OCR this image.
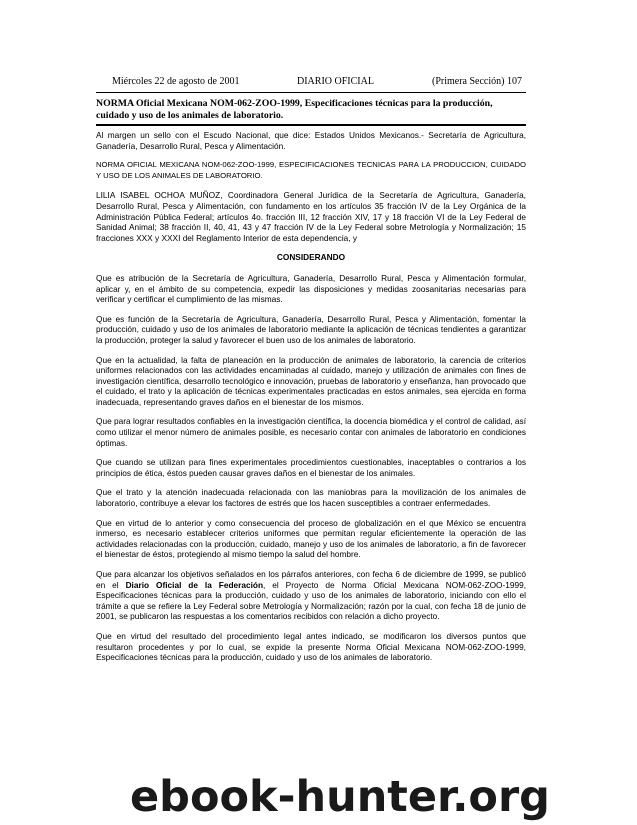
Miércoles 22 de agosto de 2001	DIARIO OFICIAL	(Primera Sección) 107
NORMA Oficial Mexicana NOM-062-ZOO-1999, Especificaciones técnicas para la producción, cuidado y uso de los animales de laboratorio.

Al margen un sello con el Escudo Nacional, que dice: Estados Unidos Mexicanos.- Secretaría de Agricultura, Ganadería, Desarrollo Rural, Pesca y Alimentación.

NORMA OFICIAL MEXICANA NOM-062-ZOO-1999, ESPECIFICACIONES TECNICAS PARA LA PRODUCCION, CUIDADO Y USO DE LOS ANIMALES DE LABORATORIO.

LILIA ISABEL OCHOA MUÑOZ, Coordinadora General Jurídica de la Secretaría de Agricultura, Ganadería, Desarrollo Rural, Pesca y Alimentación, con fundamento en los artículos 35 fracción IV de la Ley Orgánica de la Administración Pública Federal; artículos 4o. fracción III, 12 fracción XIV, 17 y 18 fracción VI de la Ley Federal de Sanidad Animal; 38 fracción II, 40, 41, 43 y 47 fracción IV de la Ley Federal sobre Metrología y Normalización; 15 fracciones XXX y XXXI del Reglamento Interior de esta dependencia, y

CONSIDERANDO

Que es atribución de la Secretaría de Agricultura, Ganadería, Desarrollo Rural, Pesca y Alimentación formular, aplicar y, en el ámbito de su competencia, expedir las disposiciones y medidas zoosanitarias necesarias para verificar y certificar el cumplimiento de las mismas.

Que es función de la Secretaría de Agricultura, Ganadería, Desarrollo Rural, Pesca y Alimentación, fomentar la producción, cuidado y uso de los animales de laboratorio mediante la aplicación de técnicas tendientes a garantizar la producción, proteger la salud y favorecer el buen uso de los animales de laboratorio.

Que en la actualidad, la falta de planeación en la producción de animales de laboratorio, la carencia de criterios uniformes relacionados con las actividades encaminadas al cuidado, manejo y utilización de animales con fines de investigación científica, desarrollo tecnológico e innovación, pruebas de laboratorio y enseñanza, han provocado que el cuidado, el trato y la aplicación de técnicas experimentales practicadas en estos animales, sea ejercida en forma inadecuada, representando graves daños en el bienestar de los mismos.

Que para lograr resultados confiables en la investigación científica, la docencia biomédica y el control de calidad, así como utilizar el menor número de animales posible, es necesario contar con animales de laboratorio en condiciones óptimas.

Que cuando se utilizan para fines experimentales procedimientos cuestionables, inaceptables o contrarios a los principios de ética, éstos pueden causar graves daños en el bienestar de los animales.

Que el trato y la atención inadecuada relacionada con las maniobras para la movilización de los animales de laboratorio, contribuye a elevar los factores de estrés que los hacen susceptibles a contraer enfermedades.

Que en virtud de lo anterior y como consecuencia del proceso de globalización en el que México se encuentra inmerso, es necesario establecer criterios uniformes que permitan regular eficientemente la operación de las actividades relacionadas con la producción, cuidado, manejo y uso de los animales de laboratorio, a fin de favorecer el bienestar de éstos, protegiendo al mismo tiempo la salud del hombre.

Que para alcanzar los objetivos señalados en los párrafos anteriores, con fecha 6 de diciembre de 1999, se publicó en el Diario Oficial de la Federación, el Proyecto de Norma Oficial Mexicana NOM-062-ZOO-1999, Especificaciones técnicas para la producción, cuidado y uso de los animales de laboratorio, iniciando con ello el trámite a que se refiere la Ley Federal sobre Metrología y Normalización; razón por la cual, con fecha 18 de junio de 2001, se publicaron las respuestas a los comentarios recibidos con relación a dicho proyecto.

Que en virtud del resultado del procedimiento legal antes indicado, se modificaron los diversos puntos que resultaron procedentes y por lo cual, se expide la presente Norma Oficial Mexicana NOM-062-ZOO-1999, Especificaciones técnicas para la producción, cuidado y uso de los animales de laboratorio.

ebook-hunter.org
